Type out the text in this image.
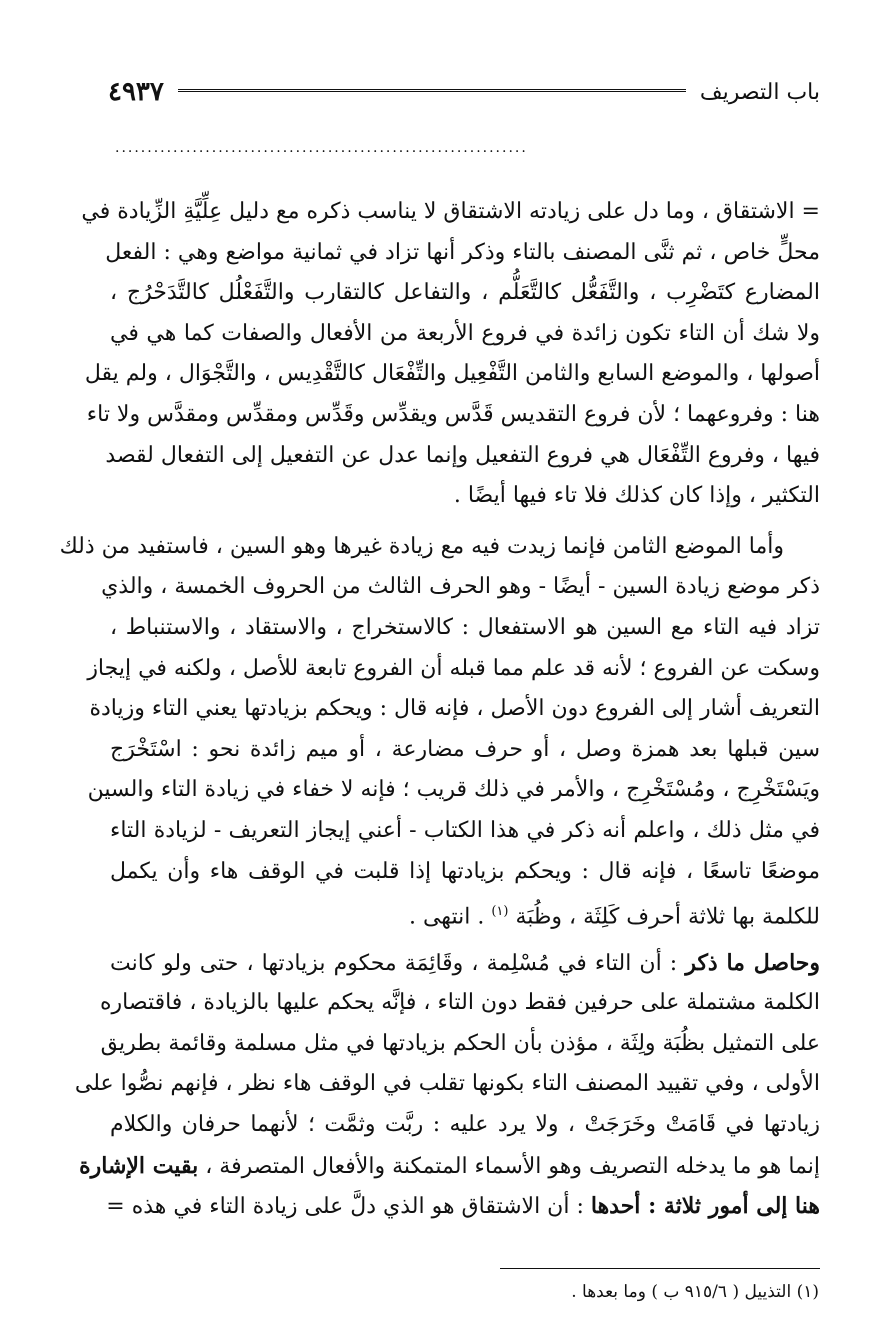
باب التصريف
٤٩٣٧
................................................................
= الاشتقاق ، وما دل على زيادته الاشتقاق لا يناسب ذكره مع دليل عِلِّيَّةِ الزِّيادة في
محلٍّ خاص ، ثم ثنَّى المصنف بالتاء وذكر أنها تزاد في ثمانية مواضع وهي : الفعل
المضارع كتَضْرِب ، والتَّفَعُّل كالتَّعَلُّم ، والتفاعل كالتقارب والتَّفَعْلُل كالتَّدَحْرُج ،
ولا شك أن التاء تكون زائدة في فروع الأربعة من الأفعال والصفات كما هي في
أصولها ، والموضع السابع والثامن التَّفْعِيل والتِّفْعَال كالتَّقْدِيس ، والتَّجْوَال ، ولم يقل
هنا : وفروعهما ؛ لأن فروع التقديس قَدَّس ويقدِّس وقَدِّس ومقدِّس ومقدَّس ولا تاء
فيها ، وفروع التِّفْعَال هي فروع التفعيل وإنما عدل عن التفعيل إلى التفعال لقصد
التكثير ، وإذا كان كذلك فلا تاء فيها أيضًا .
وأما الموضع الثامن فإنما زيدت فيه مع زيادة غيرها وهو السين ، فاستفيد من ذلك
ذكر موضع زيادة السين - أيضًا - وهو الحرف الثالث من الحروف الخمسة ، والذي
تزاد فيه التاء مع السين هو الاستفعال : كالاستخراج ، والاستقاد ، والاستنباط ،
وسكت عن الفروع ؛ لأنه قد علم مما قبله أن الفروع تابعة للأصل ، ولكنه في إيجاز
التعريف أشار إلى الفروع دون الأصل ، فإنه قال : ويحكم بزيادتها يعني التاء وزيادة
سين قبلها بعد همزة وصل ، أو حرف مضارعة ، أو ميم زائدة نحو : اسْتَخْرَج
ويَسْتَخْرِج ، ومُسْتَخْرِج ، والأمر في ذلك قريب ؛ فإنه لا خفاء في زيادة التاء والسين
في مثل ذلك ، واعلم أنه ذكر في هذا الكتاب - أعني إيجاز التعريف - لزيادة التاء
موضعًا تاسعًا ، فإنه قال : ويحكم بزيادتها إذا قلبت في الوقف هاء وأن يكمل
للكلمة بها ثلاثة أحرف كَلِثَة ، وظُبَة $^{(١)}$ . انتهى .
وحاصل ما ذكر : أن التاء في مُسْلِمة ، وقَائِمَة محكوم بزيادتها ، حتى ولو كانت
الكلمة مشتملة على حرفين فقط دون التاء ، فإنَّه يحكم عليها بالزيادة ، فاقتصاره
على التمثيل بظُبَة ولِثَة ، مؤذن بأن الحكم بزيادتها في مثل مسلمة وقائمة بطريق
الأولى ، وفي تقييد المصنف التاء بكونها تقلب في الوقف هاء نظر ، فإنهم نصُّوا على
زيادتها في قَامَتْ وخَرَجَتْ ، ولا يرد عليه : ربَّت وثمَّت ؛ لأنهما حرفان والكلام
إنما هو ما يدخله التصريف وهو الأسماء المتمكنة والأفعال المتصرفة ، بقيت الإشارة
هنا إلى أمور ثلاثة : أحدها : أن الاشتقاق هو الذي دلَّ على زيادة التاء في هذه =
(١) التذييل ( ٩١٥/٦ ب ) وما بعدها .
